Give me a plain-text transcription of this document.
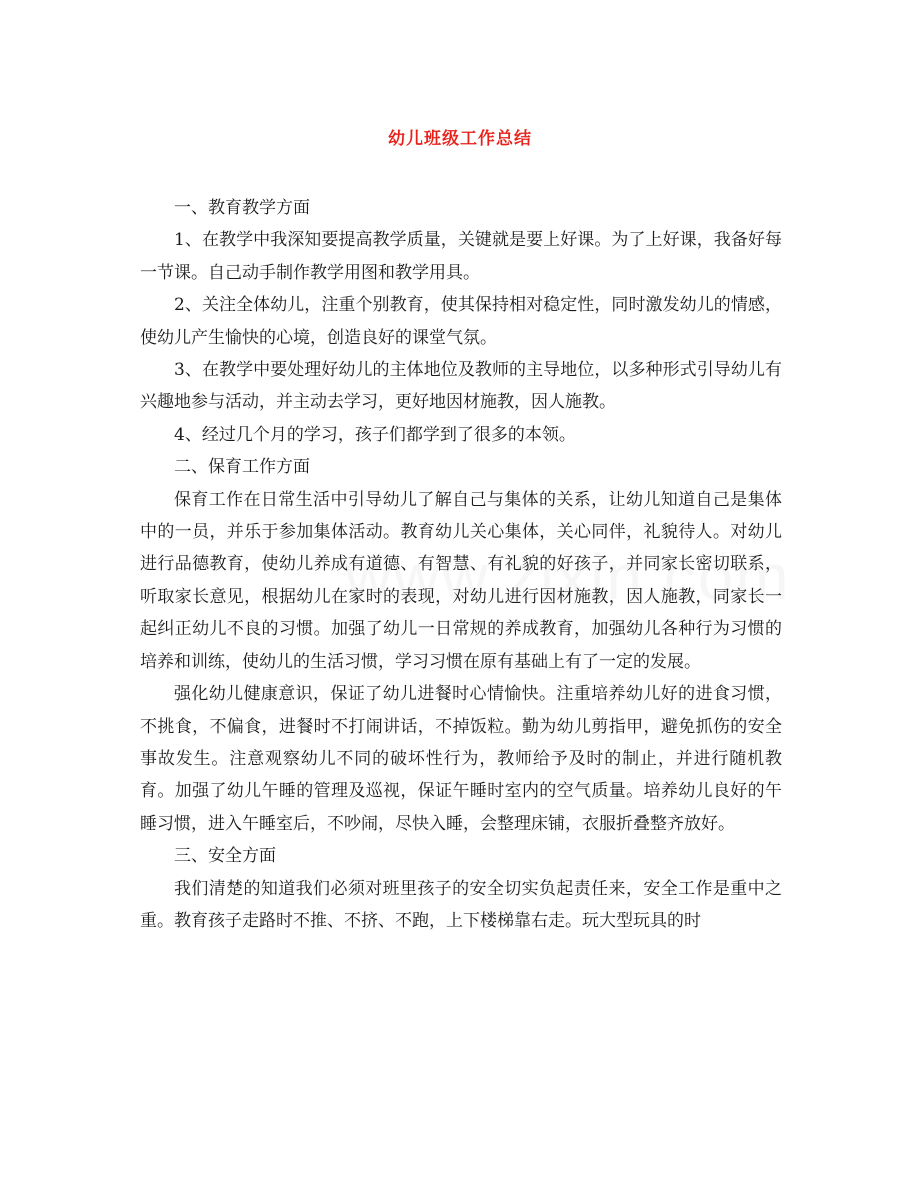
幼儿班级工作总结

一、教育教学方面

1、在教学中我深知要提高教学质量，关键就是要上好课。为了上好课，我备好每一节课。自己动手制作教学用图和教学用具。

2、关注全体幼儿，注重个别教育，使其保持相对稳定性，同时激发幼儿的情感，使幼儿产生愉快的心境，创造良好的课堂气氛。

3、在教学中要处理好幼儿的主体地位及教师的主导地位，以多种形式引导幼儿有兴趣地参与活动，并主动去学习，更好地因材施教，因人施教。

4、经过几个月的学习，孩子们都学到了很多的本领。

二、保育工作方面

保育工作在日常生活中引导幼儿了解自己与集体的关系，让幼儿知道自己是集体中的一员，并乐于参加集体活动。教育幼儿关心集体，关心同伴，礼貌待人。对幼儿进行品德教育，使幼儿养成有道德、有智慧、有礼貌的好孩子，并同家长密切联系，听取家长意见，根据幼儿在家时的表现，对幼儿进行因材施教，因人施教，同家长一起纠正幼儿不良的习惯。加强了幼儿一日常规的养成教育，加强幼儿各种行为习惯的培养和训练，使幼儿的生活习惯，学习习惯在原有基础上有了一定的发展。

强化幼儿健康意识，保证了幼儿进餐时心情愉快。注重培养幼儿好的进食习惯，不挑食，不偏食，进餐时不打闹讲话，不掉饭粒。勤为幼儿剪指甲，避免抓伤的安全事故发生。注意观察幼儿不同的破坏性行为，教师给予及时的制止，并进行随机教育。加强了幼儿午睡的管理及巡视，保证午睡时室内的空气质量。培养幼儿良好的午睡习惯，进入午睡室后，不吵闹，尽快入睡，会整理床铺，衣服折叠整齐放好。

三、安全方面

我们清楚的知道我们必须对班里孩子的安全切实负起责任来，安全工作是重中之重。教育孩子走路时不推、不挤、不跑，上下楼梯靠右走。玩大型玩具的时
